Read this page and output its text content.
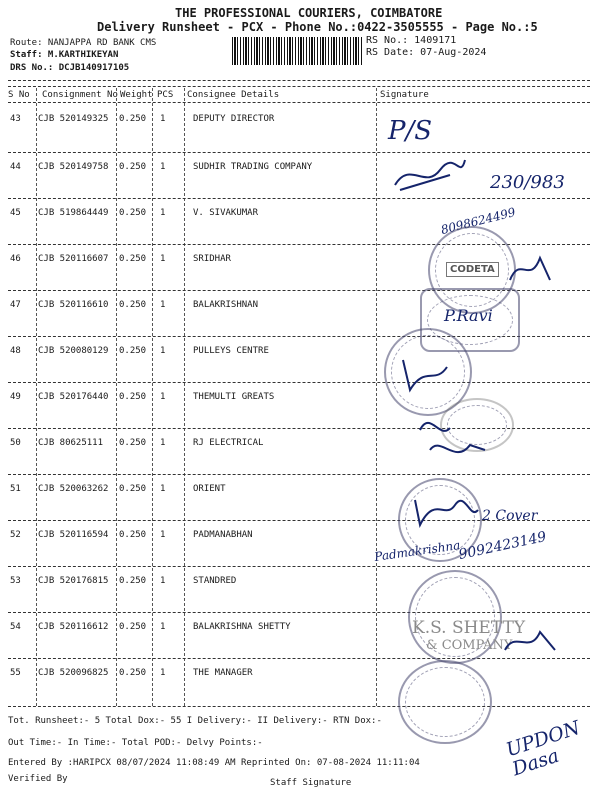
THE PROFESSIONAL COURIERS, COIMBATORE
Delivery Runsheet - PCX - Phone No.:0422-3505555 - Page No.:5
Route: NANJAPPA RD BANK CMS
Staff: M.KARTHIKEYAN
DRS No.: DCJB140917105
RS No.: 1409171
RS Date: 07-Aug-2024
S No Consignment No Weight PCS Consignee Details	Signature
43 CJB 520149325 0.250 1	DEPUTY DIRECTOR
44 CJB 520149758 0.250 1	SUDHIR TRADING COMPANY
45 CJB 519864449 0.250 1	V. SIVAKUMAR
46 CJB 520116607 0.250 1	SRIDHAR
47 CJB 520116610 0.250 1	BALAKRISHNAN
48 CJB 520080129 0.250 1	PULLEYS CENTRE
49 CJB 520176440 0.250 1	THEMULTI GREATS
50 CJB 80625111 0.250 1	RJ ELECTRICAL
51 CJB 520063262 0.250 1	ORIENT
52 CJB 520116594 0.250 1	PADMANABHAN
53 CJB 520176815 0.250 1	STANDRED
54 CJB 520116612 0.250 1	BALAKRISHNA SHETTY
55 CJB 520096825 0.250 1	THE MANAGER
P/S
230/983
8098624499
CODETA
P.Ravi
2 Cover
Padmakrishna
9092423149
K.S. SHETTY
& COMPANY
UPDON Dasa
Tot. Runsheet:- 5 Total Dox:- 55 I Delivery:- II Delivery:- RTN Dox:-
Out Time:- In Time:- Total POD:- Delvy Points:-
Entered By :HARIPCX 08/07/2024 11:08:49 AM Reprinted On: 07-08-2024 11:11:04
Verified By	Staff Signature
